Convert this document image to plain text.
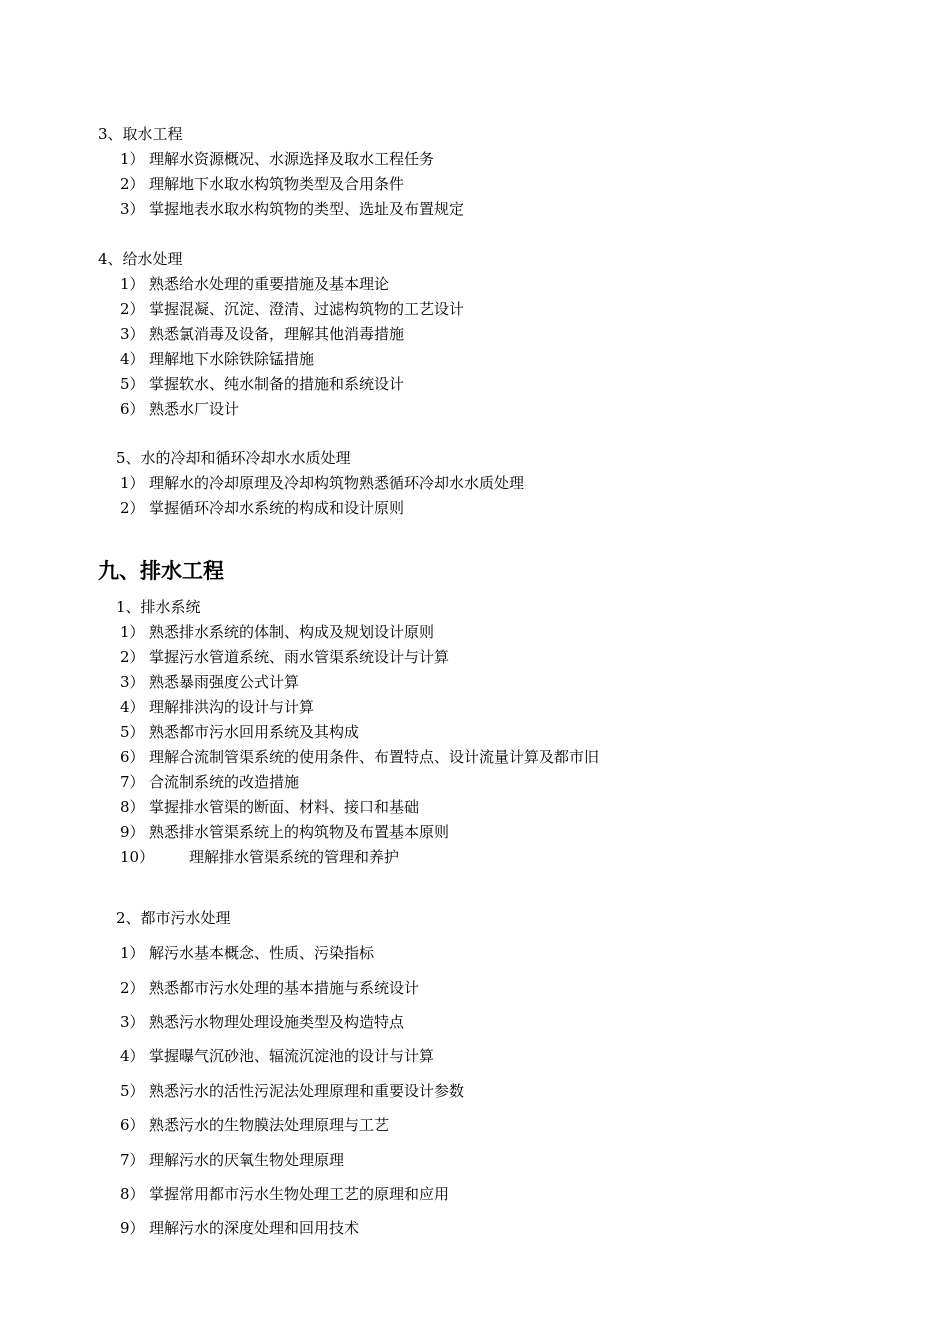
3、取水工程
1） 理解水资源概况、水源选择及取水工程任务
2） 理解地下水取水构筑物类型及合用条件
3） 掌握地表水取水构筑物的类型、选址及布置规定
4、给水处理
1） 熟悉给水处理的重要措施及基本理论
2） 掌握混凝、沉淀、澄清、过滤构筑物的工艺设计
3） 熟悉氯消毒及设备，理解其他消毒措施
4） 理解地下水除铁除锰措施
5） 掌握软水、纯水制备的措施和系统设计
6） 熟悉水厂设计
5、水的冷却和循环冷却水水质处理
1） 理解水的冷却原理及冷却构筑物熟悉循环冷却水水质处理
2） 掌握循环冷却水系统的构成和设计原则
九、排水工程
1、排水系统
1） 熟悉排水系统的体制、构成及规划设计原则
2） 掌握污水管道系统、雨水管渠系统设计与计算
3） 熟悉暴雨强度公式计算
4） 理解排洪沟的设计与计算
5） 熟悉都市污水回用系统及其构成
6） 理解合流制管渠系统的使用条件、布置特点、设计流量计算及都市旧
7） 合流制系统的改造措施
8） 掌握排水管渠的断面、材料、接口和基础
9） 熟悉排水管渠系统上的构筑物及布置基本原则
10） 理解排水管渠系统的管理和养护
2、都市污水处理
1） 解污水基本概念、性质、污染指标
2） 熟悉都市污水处理的基本措施与系统设计
3） 熟悉污水物理处理设施类型及构造特点
4） 掌握曝气沉砂池、辐流沉淀池的设计与计算
5） 熟悉污水的活性污泥法处理原理和重要设计参数
6） 熟悉污水的生物膜法处理原理与工艺
7） 理解污水的厌氧生物处理原理
8） 掌握常用都市污水生物处理工艺的原理和应用
9） 理解污水的深度处理和回用技术
